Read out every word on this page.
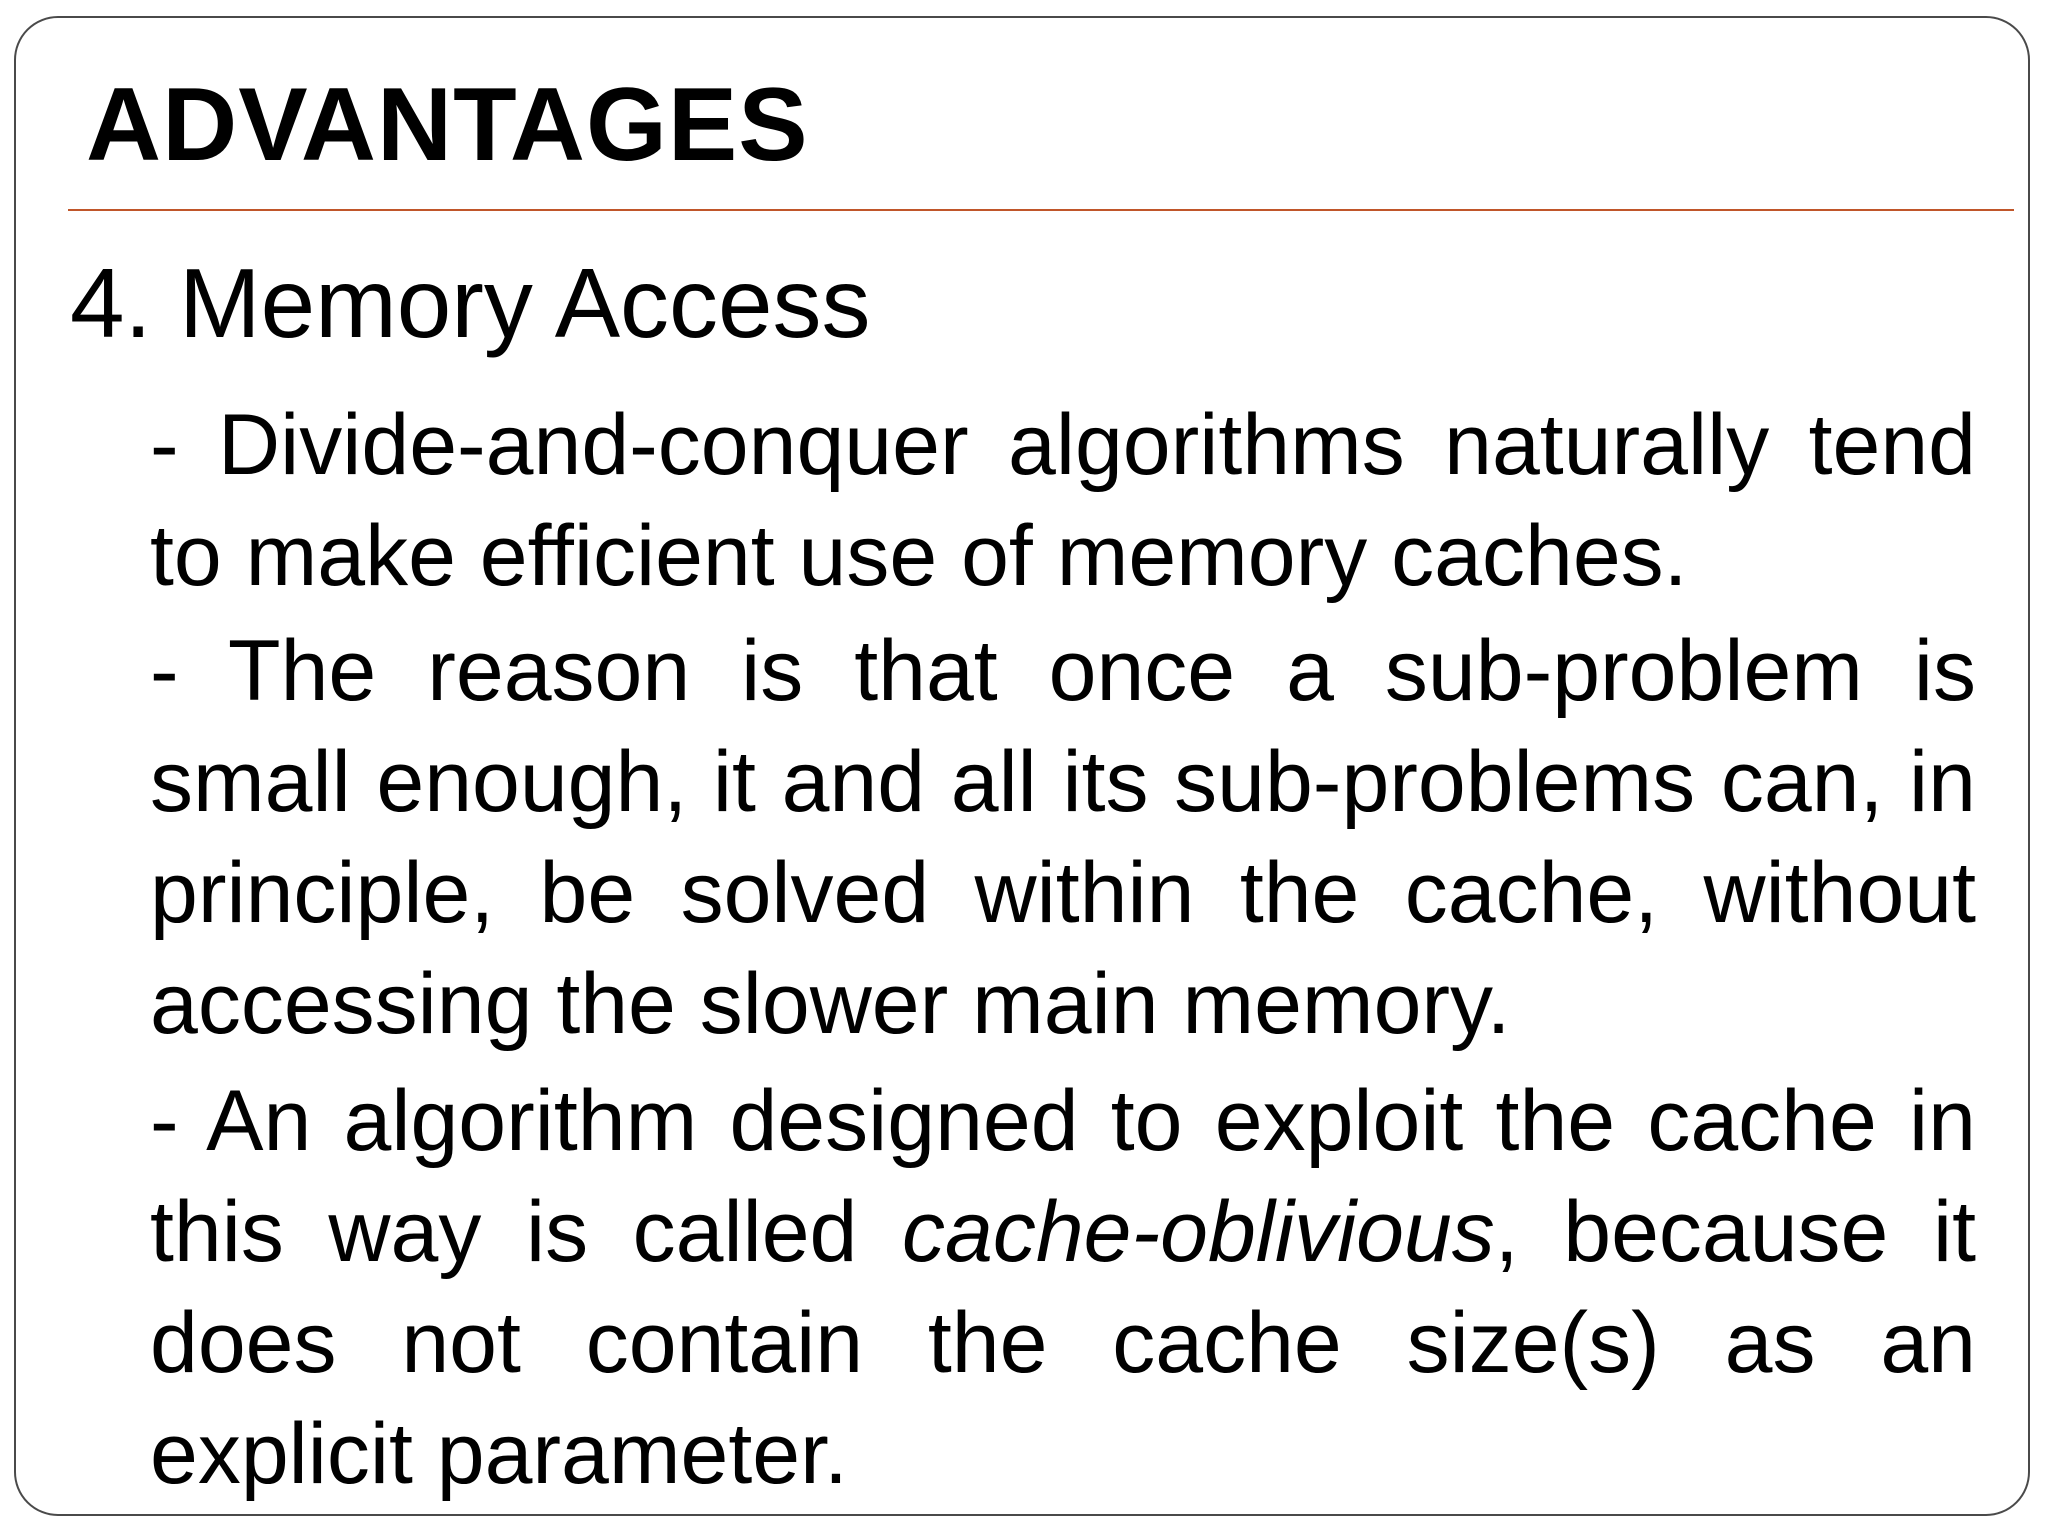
ADVANTAGES
4. Memory Access

- Divide-and-conquer algorithms naturally tend to make efficient use of memory caches.

- The reason is that once a sub-problem is small enough, it and all its sub-problems can, in principle, be solved within the cache, without accessing the slower main memory.

- An algorithm designed to exploit the cache in this way is called cache-oblivious, because it does not contain the cache size(s) as an explicit parameter.
